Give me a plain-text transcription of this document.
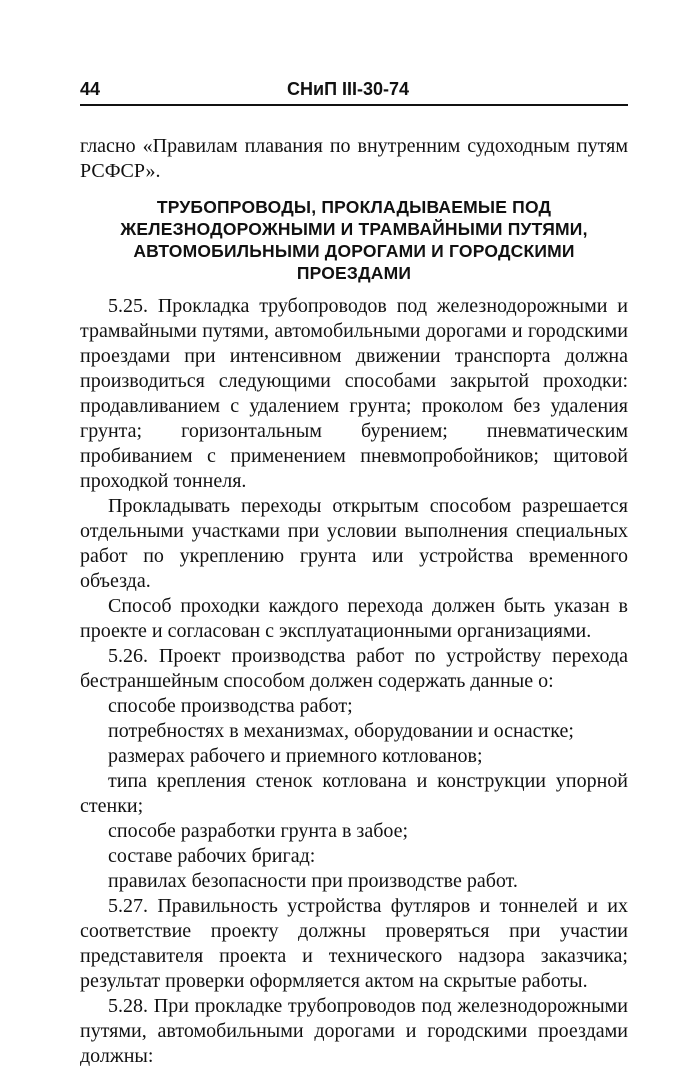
44	СНиП III-30-74

гласно «Правилам плавания по внутренним судоходным путям РСФСР».

ТРУБОПРОВОДЫ, ПРОКЛАДЫВАЕМЫЕ ПОД
ЖЕЛЕЗНОДОРОЖНЫМИ И ТРАМВАЙНЫМИ ПУТЯМИ,
АВТОМОБИЛЬНЫМИ ДОРОГАМИ И ГОРОДСКИМИ
ПРОЕЗДАМИ

5.25. Прокладка трубопроводов под железнодорожными и трамвайными путями, автомобильными дорогами и городскими проездами при интенсивном движении транспорта должна производиться следующими способами закрытой проходки: продавливанием с удалением грунта; проколом без удаления грунта; горизонтальным бурением; пневматическим пробиванием с применением пневмопробойников; щитовой проходкой тоннеля.

Прокладывать переходы открытым способом разрешается отдельными участками при условии выполнения специальных работ по укреплению грунта или устройства временного объезда.

Способ проходки каждого перехода должен быть указан в проекте и согласован с эксплуатационными организациями.

5.26. Проект производства работ по устройству перехода бестраншейным способом должен содержать данные о:

способе производства работ;
потребностях в механизмах, оборудовании и оснастке;
размерах рабочего и приемного котлованов;
типа крепления стенок котлована и конструкции упорной стенки;
способе разработки грунта в забое;
составе рабочих бригад:
правилах безопасности при производстве работ.

5.27. Правильность устройства футляров и тоннелей и их соответствие проекту должны проверяться при участии представителя проекта и технического надзора заказчика; результат проверки оформляется актом на скрытые работы.

5.28. При прокладке трубопроводов под железнодорожными путями, автомобильными дорогами и городскими проездами должны:
